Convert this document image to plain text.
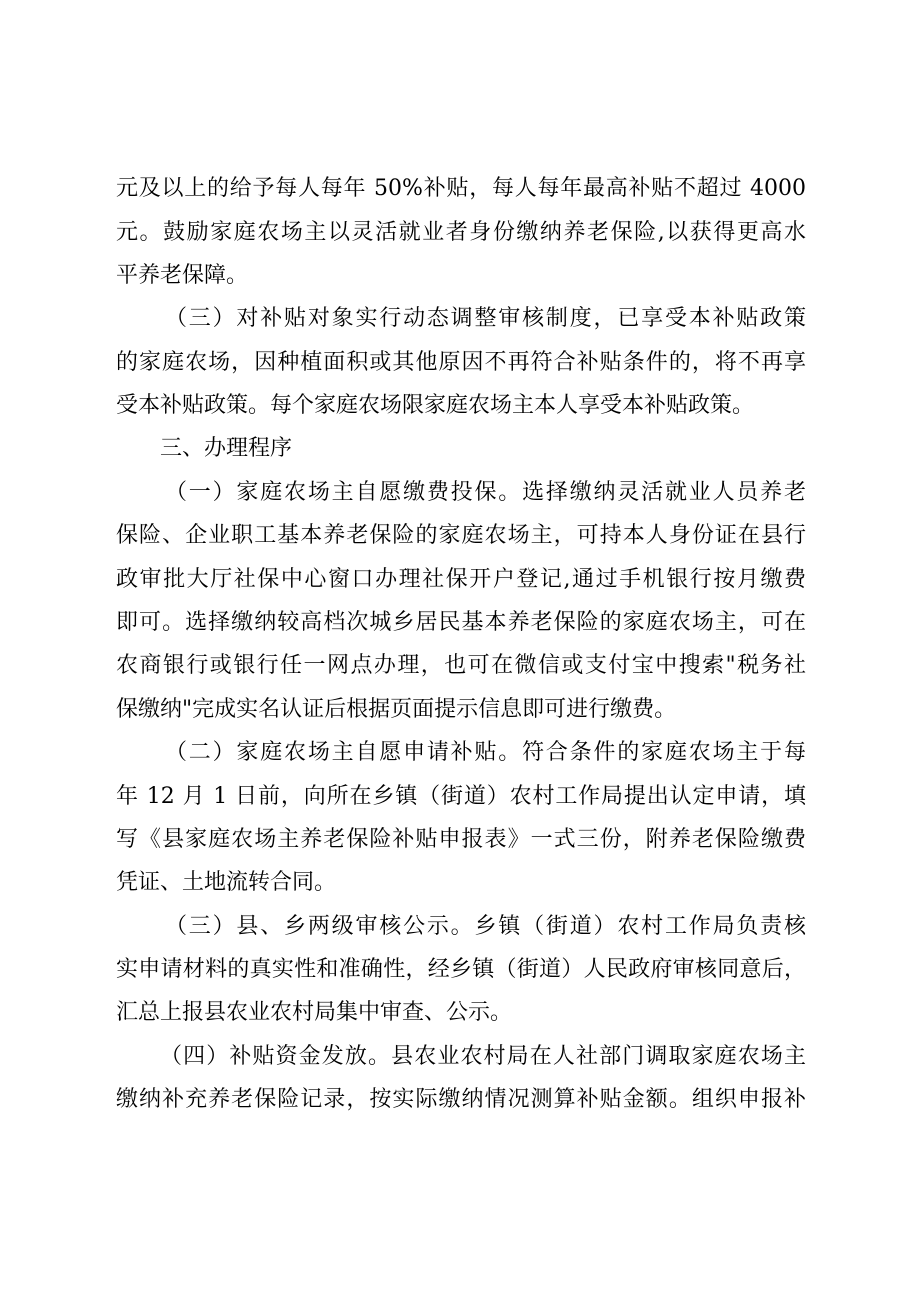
元及以上的给予每人每年 50%补贴，每人每年最高补贴不超过 4000
元。鼓励家庭农场主以灵活就业者身份缴纳养老保险,以获得更高水
平养老保障。
（三）对补贴对象实行动态调整审核制度，已享受本补贴政策
的家庭农场，因种植面积或其他原因不再符合补贴条件的，将不再享
受本补贴政策。每个家庭农场限家庭农场主本人享受本补贴政策。
三、办理程序
（一）家庭农场主自愿缴费投保。选择缴纳灵活就业人员养老
保险、企业职工基本养老保险的家庭农场主，可持本人身份证在县行
政审批大厅社保中心窗口办理社保开户登记,通过手机银行按月缴费
即可。选择缴纳较高档次城乡居民基本养老保险的家庭农场主，可在
农商银行或银行任一网点办理，也可在微信或支付宝中搜索"税务社
保缴纳"完成实名认证后根据页面提示信息即可进行缴费。
（二）家庭农场主自愿申请补贴。符合条件的家庭农场主于每
年 12 月 1 日前，向所在乡镇（街道）农村工作局提出认定申请，填
写《县家庭农场主养老保险补贴申报表》一式三份，附养老保险缴费
凭证、土地流转合同。
（三）县、乡两级审核公示。乡镇（街道）农村工作局负责核
实申请材料的真实性和准确性，经乡镇（街道）人民政府审核同意后，
汇总上报县农业农村局集中审查、公示。
（四）补贴资金发放。县农业农村局在人社部门调取家庭农场主
缴纳补充养老保险记录，按实际缴纳情况测算补贴金额。组织申报补
